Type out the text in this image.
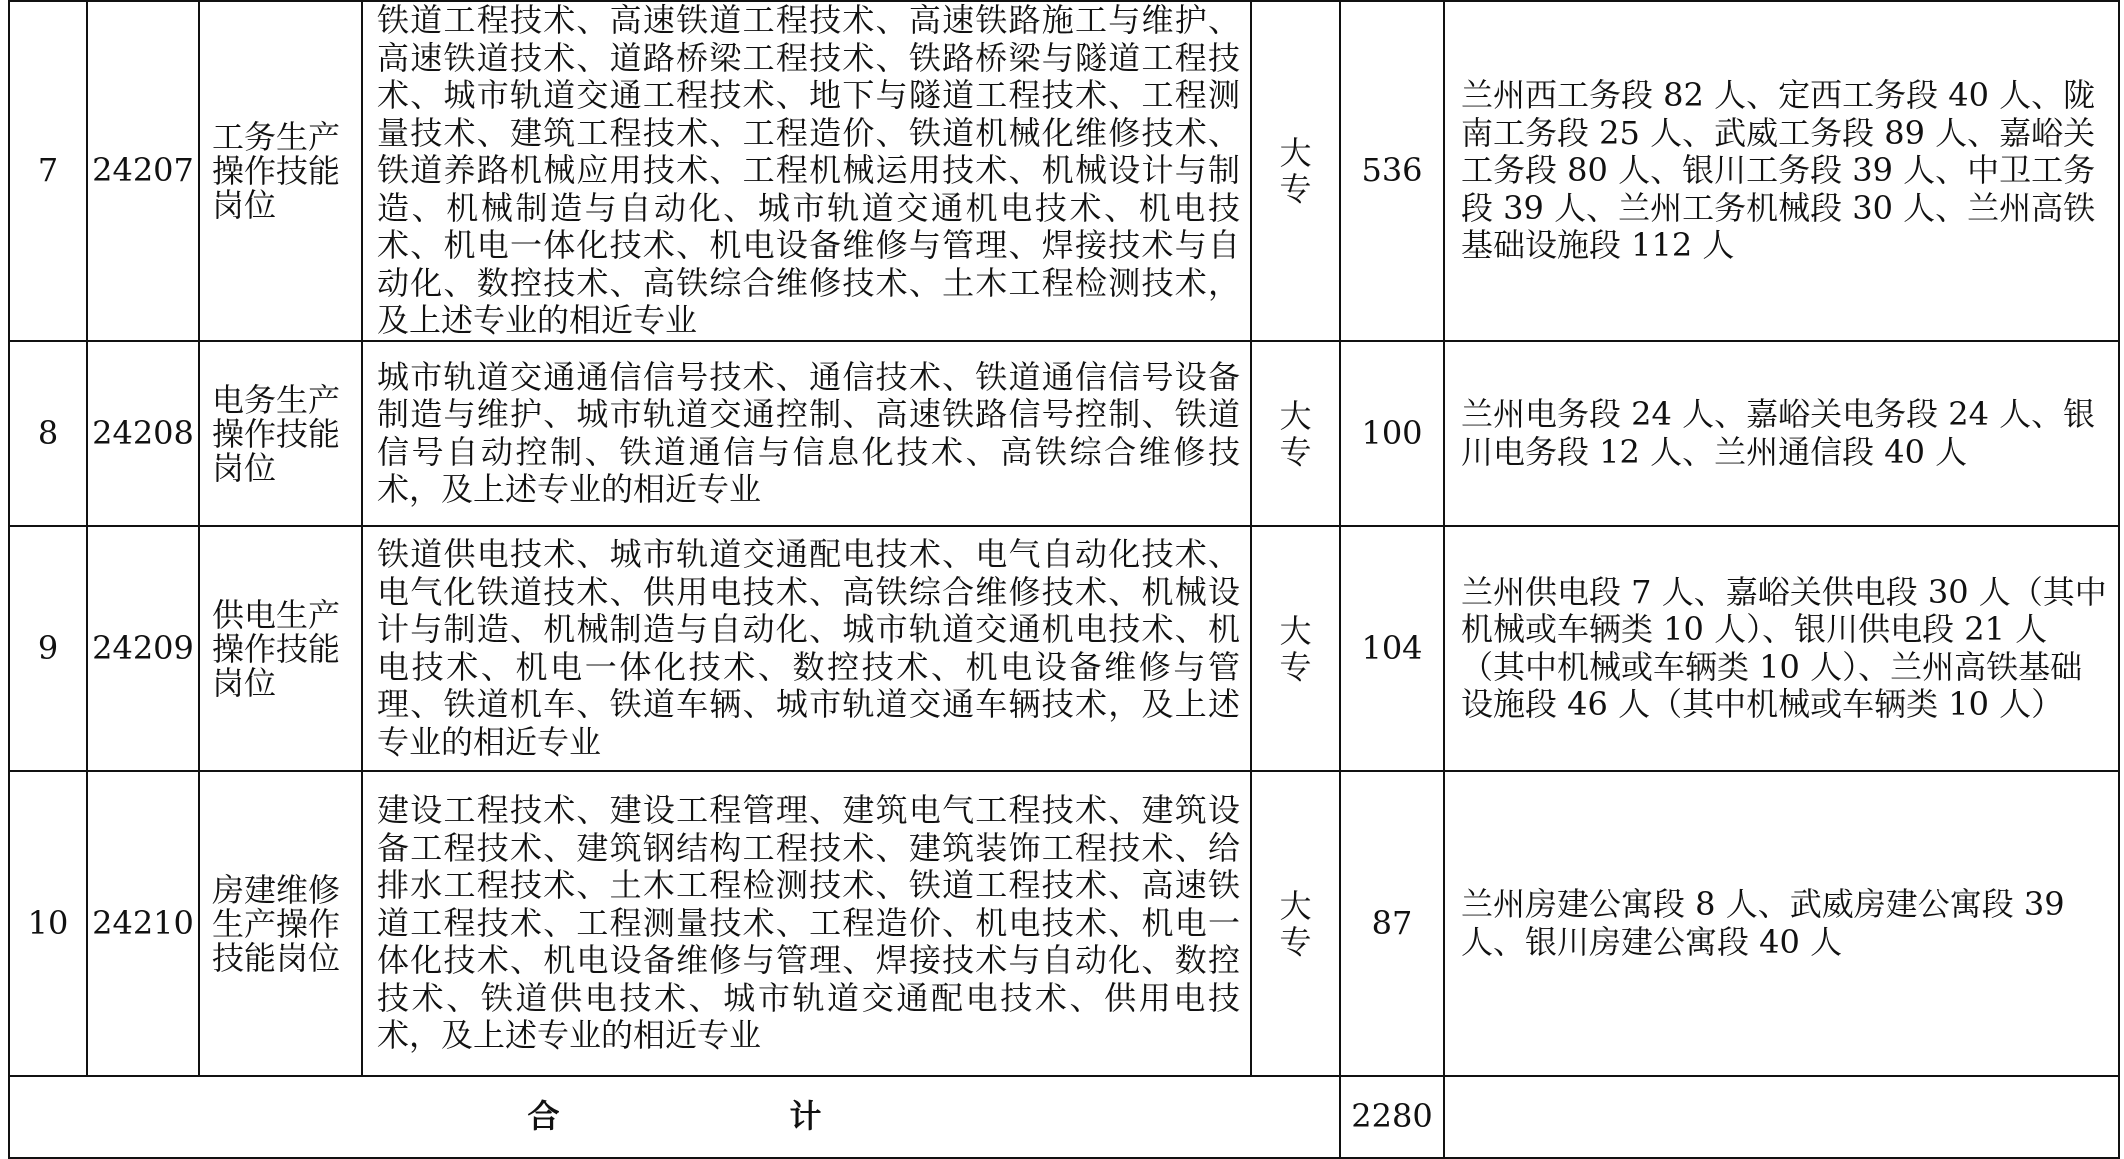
7	24207	工务生产操作技能岗位	铁道工程技术、高速铁道工程技术、高速铁路施工与维护、高速铁道技术、道路桥梁工程技术、铁路桥梁与隧道工程技术、城市轨道交通工程技术、地下与隧道工程技术、工程测量技术、建筑工程技术、工程造价、铁道机械化维修技术、铁道养路机械应用技术、工程机械运用技术、机械设计与制造、机械制造与自动化、城市轨道交通机电技术、机电技术、机电一体化技术、机电设备维修与管理、焊接技术与自动化、数控技术、高铁综合维修技术、土木工程检测技术，及上述专业的相近专业	大专	536	兰州西工务段 82 人、定西工务段 40 人、陇南工务段 25 人、武威工务段 89 人、嘉峪关工务段 80 人、银川工务段 39 人、中卫工务段 39 人、兰州工务机械段 30 人、兰州高铁基础设施段 112 人
8	24208	电务生产操作技能岗位	城市轨道交通通信信号技术、通信技术、铁道通信信号设备制造与维护、城市轨道交通控制、高速铁路信号控制、铁道信号自动控制、铁道通信与信息化技术、高铁综合维修技术，及上述专业的相近专业	大专	100	兰州电务段 24 人、嘉峪关电务段 24 人、银川电务段 12 人、兰州通信段 40 人
9	24209	供电生产操作技能岗位	铁道供电技术、城市轨道交通配电技术、电气自动化技术、电气化铁道技术、供用电技术、高铁综合维修技术、机械设计与制造、机械制造与自动化、城市轨道交通机电技术、机电技术、机电一体化技术、数控技术、机电设备维修与管理、铁道机车、铁道车辆、城市轨道交通车辆技术，及上述专业的相近专业	大专	104	兰州供电段 7 人、嘉峪关供电段 30 人（其中机械或车辆类 10 人）、银川供电段 21 人（其中机械或车辆类 10 人）、兰州高铁基础设施段 46 人（其中机械或车辆类 10 人）
10	24210	房建维修生产操作技能岗位	建设工程技术、建设工程管理、建筑电气工程技术、建筑设备工程技术、建筑钢结构工程技术、建筑装饰工程技术、给排水工程技术、土木工程检测技术、铁道工程技术、高速铁道工程技术、工程测量技术、工程造价、机电技术、机电一体化技术、机电设备维修与管理、焊接技术与自动化、数控技术、铁道供电技术、城市轨道交通配电技术、供用电技术，及上述专业的相近专业	大专	87	兰州房建公寓段 8 人、武威房建公寓段 39 人、银川房建公寓段 40 人
合 计					2280	
